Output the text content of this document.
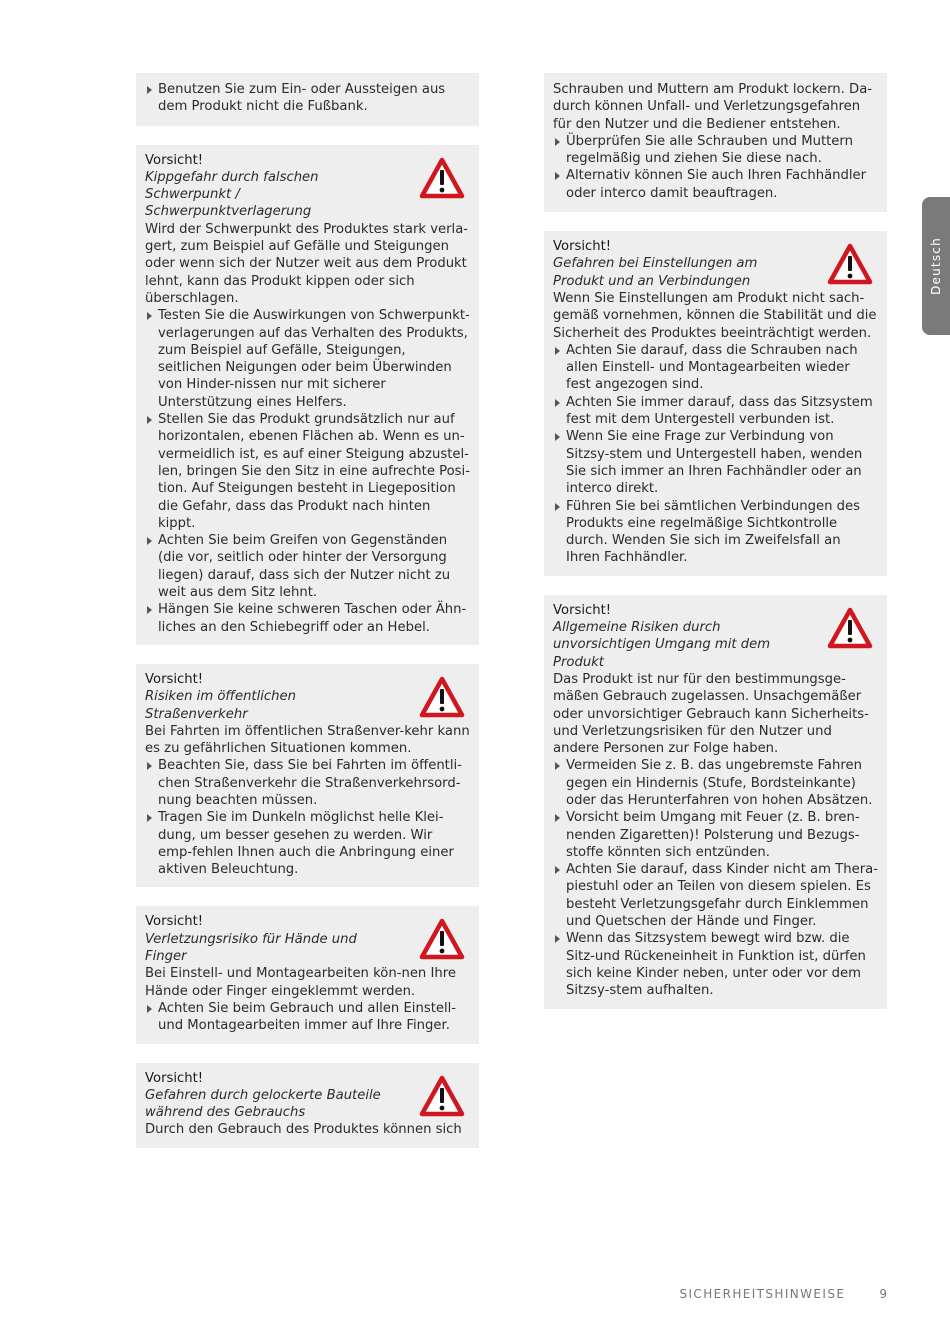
Benutzen Sie zum Ein- oder Aussteigen aus dem Produkt nicht die Fußbank.
Vorsicht!
Kippgefahr durch falschen Schwerpunkt / Schwerpunktverlagerung
Wird der Schwerpunkt des Produktes stark verla-gert, zum Beispiel auf Gefälle und Steigungen oder wenn sich der Nutzer weit aus dem Produkt lehnt, kann das Produkt kippen oder sich überschlagen.
Testen Sie die Auswirkungen von Schwerpunkt-verlagerungen auf das Verhalten des Produkts, zum Beispiel auf Gefälle, Steigungen, seitlichen Neigungen oder beim Überwinden von Hinder-nissen nur mit sicherer Unterstützung eines Helfers.
Stellen Sie das Produkt grundsätzlich nur auf horizontalen, ebenen Flächen ab. Wenn es un-vermeidlich ist, es auf einer Steigung abzustel-len, bringen Sie den Sitz in eine aufrechte Posi-tion. Auf Steigungen besteht in Liegeposition die Gefahr, dass das Produkt nach hinten kippt.
Achten Sie beim Greifen von Gegenständen (die vor, seitlich oder hinter der Versorgung liegen) darauf, dass sich der Nutzer nicht zu weit aus dem Sitz lehnt.
Hängen Sie keine schweren Taschen oder Ähn-liches an den Schiebegriff oder an Hebel.
Vorsicht!
Risiken im öffentlichen Straßenverkehr
Bei Fahrten im öffentlichen Straßenver-kehr kann es zu gefährlichen Situationen kommen.
Beachten Sie, dass Sie bei Fahrten im öffentli-chen Straßenverkehr die Straßenverkehrsord-nung beachten müssen.
Tragen Sie im Dunkeln möglichst helle Klei-dung, um besser gesehen zu werden. Wir emp-fehlen Ihnen auch die Anbringung einer aktiven Beleuchtung.
Vorsicht!
Verletzungsrisiko für Hände und Finger
Bei Einstell- und Montagearbeiten kön-nen Ihre Hände oder Finger eingeklemmt werden.
Achten Sie beim Gebrauch und allen Einstell-und Montagearbeiten immer auf Ihre Finger.
Vorsicht!
Gefahren durch gelockerte Bauteile während des Gebrauchs
Durch den Gebrauch des Produktes können sich
Schrauben und Muttern am Produkt lockern. Da-durch können Unfall- und Verletzungsgefahren für den Nutzer und die Bediener entstehen.
Überprüfen Sie alle Schrauben und Muttern regelmäßig und ziehen Sie diese nach.
Alternativ können Sie auch Ihren Fachhändler oder interco damit beauftragen.
Vorsicht!
Gefahren bei Einstellungen am Produkt und an Verbindungen
Wenn Sie Einstellungen am Produkt nicht sach-gemäß vornehmen, können die Stabilität und die Sicherheit des Produktes beeinträchtigt werden.
Achten Sie darauf, dass die Schrauben nach allen Einstell- und Montagearbeiten wieder fest angezogen sind.
Achten Sie immer darauf, dass das Sitzsystem fest mit dem Untergestell verbunden ist.
Wenn Sie eine Frage zur Verbindung von Sitzsy-stem und Untergestell haben, wenden Sie sich immer an Ihren Fachhändler oder an interco direkt.
Führen Sie bei sämtlichen Verbindungen des Produkts eine regelmäßige Sichtkontrolle durch. Wenden Sie sich im Zweifelsfall an Ihren Fachhändler.
Vorsicht!
Allgemeine Risiken durch unvorsichtigen Umgang mit dem Produkt
Das Produkt ist nur für den bestimmungsge-mäßen Gebrauch zugelassen. Unsachgemäßer oder unvorsichtiger Gebrauch kann Sicherheits-und Verletzungsrisiken für den Nutzer und andere Personen zur Folge haben.
Vermeiden Sie z. B. das ungebremste Fahren gegen ein Hindernis (Stufe, Bordsteinkante) oder das Herunterfahren von hohen Absätzen.
Vorsicht beim Umgang mit Feuer (z. B. bren-nenden Zigaretten)! Polsterung und Bezugs-stoffe könnten sich entzünden.
Achten Sie darauf, dass Kinder nicht am Thera-piestuhl oder an Teilen von diesem spielen. Es besteht Verletzungsgefahr durch Einklemmen und Quetschen der Hände und Finger.
Wenn das Sitzsystem bewegt wird bzw. die Sitz-und Rückeneinheit in Funktion ist, dürfen sich keine Kinder neben, unter oder vor dem Sitzsy-stem aufhalten.
Deutsch
SICHERHEITSHINWEISE	9
